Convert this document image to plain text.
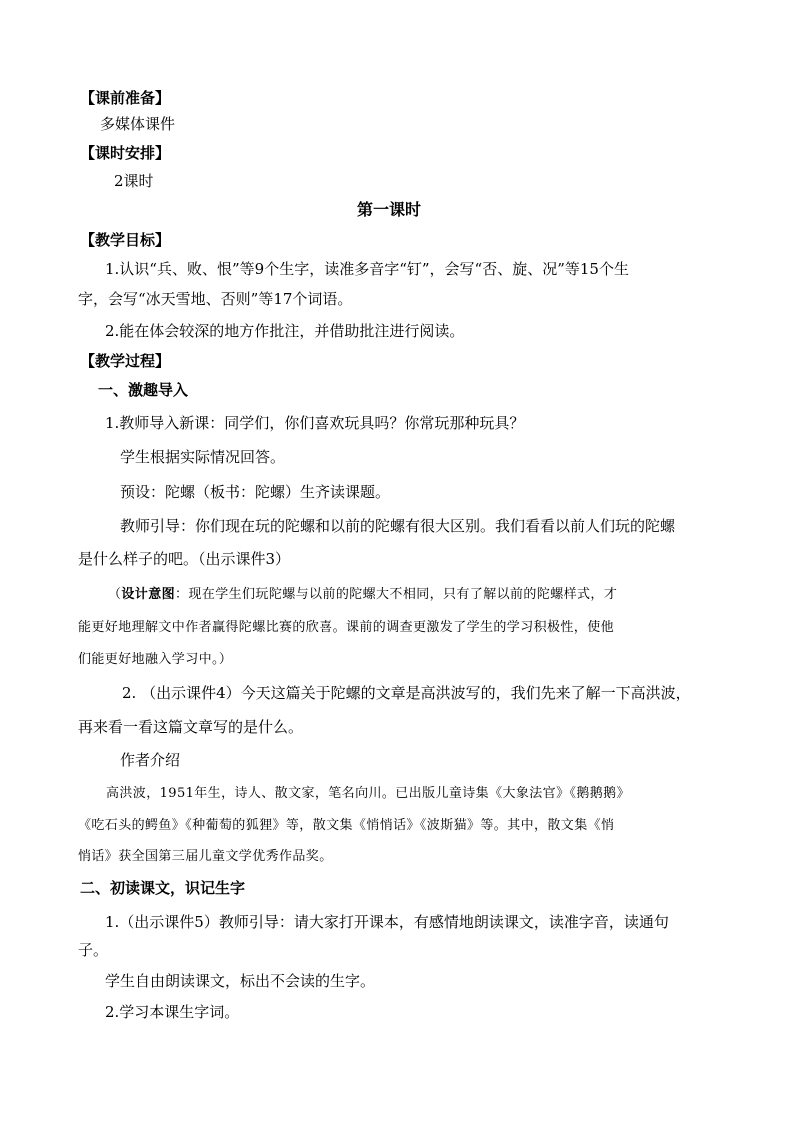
【课前准备】
多媒体课件
【课时安排】
2课时
第一课时
【教学目标】
1.认识“兵、败、恨”等9个生字，读准多音字“钉”，会写“否、旋、况”等15个生
字，会写“冰天雪地、否则”等17个词语。
2.能在体会较深的地方作批注，并借助批注进行阅读。
【教学过程】
一、激趣导入
1.教师导入新课：同学们，你们喜欢玩具吗？你常玩那种玩具？
学生根据实际情况回答。
预设：陀螺（板书：陀螺）生齐读课题。
教师引导：你们现在玩的陀螺和以前的陀螺有很大区别。我们看看以前人们玩的陀螺
是什么样子的吧。（出示课件3）
（设计意图：现在学生们玩陀螺与以前的陀螺大不相同，只有了解以前的陀螺样式，才
能更好地理解文中作者赢得陀螺比赛的欣喜。课前的调查更激发了学生的学习积极性，使他
们能更好地融入学习中。）
2. （出示课件4）今天这篇关于陀螺的文章是高洪波写的，我们先来了解一下高洪波，
再来看一看这篇文章写的是什么。
作者介绍
高洪波，1951年生，诗人、散文家，笔名向川。已出版儿童诗集《大象法官》《鹅鹅鹅》
《吃石头的鳄鱼》《种葡萄的狐狸》等，散文集《悄悄话》《波斯猫》等。其中，散文集《悄
悄话》获全国第三届儿童文学优秀作品奖。
二、初读课文，识记生字
1.（出示课件5）教师引导：请大家打开课本，有感情地朗读课文，读准字音，读通句
子。
学生自由朗读课文，标出不会读的生字。
2.学习本课生字词。
